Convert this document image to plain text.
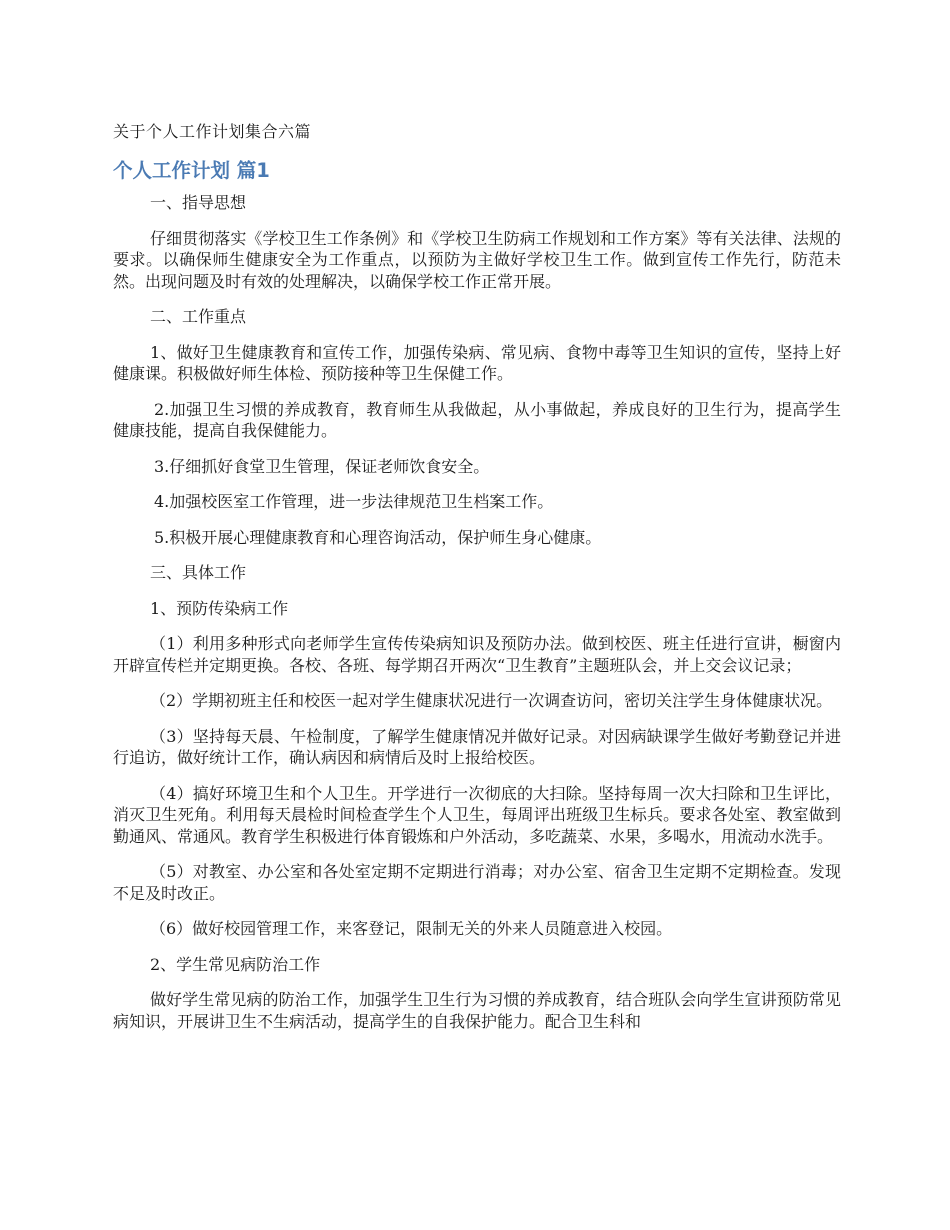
关于个人工作计划集合六篇
个人工作计划 篇1

一、指导思想

仔细贯彻落实《学校卫生工作条例》和《学校卫生防病工作规划和工作方案》等有关法律、法规的要求。以确保师生健康安全为工作重点，以预防为主做好学校卫生工作。做到宣传工作先行，防范未然。出现问题及时有效的处理解决，以确保学校工作正常开展。

二、工作重点

1、做好卫生健康教育和宣传工作，加强传染病、常见病、食物中毒等卫生知识的宣传，坚持上好健康课。积极做好师生体检、预防接种等卫生保健工作。

2.加强卫生习惯的养成教育，教育师生从我做起，从小事做起，养成良好的卫生行为，提高学生健康技能，提高自我保健能力。

3.仔细抓好食堂卫生管理，保证老师饮食安全。

4.加强校医室工作管理，进一步法律规范卫生档案工作。

5.积极开展心理健康教育和心理咨询活动，保护师生身心健康。

三、具体工作

1、预防传染病工作

（1）利用多种形式向老师学生宣传传染病知识及预防办法。做到校医、班主任进行宣讲，橱窗内开辟宣传栏并定期更换。各校、各班、每学期召开两次“卫生教育”主题班队会，并上交会议记录；

（2）学期初班主任和校医一起对学生健康状况进行一次调查访问，密切关注学生身体健康状况。

（3）坚持每天晨、午检制度，了解学生健康情况并做好记录。对因病缺课学生做好考勤登记并进行追访，做好统计工作，确认病因和病情后及时上报给校医。

（4）搞好环境卫生和个人卫生。开学进行一次彻底的大扫除。坚持每周一次大扫除和卫生评比，消灭卫生死角。利用每天晨检时间检查学生个人卫生，每周评出班级卫生标兵。要求各处室、教室做到勤通风、常通风。教育学生积极进行体育锻炼和户外活动，多吃蔬菜、水果，多喝水，用流动水洗手。

（5）对教室、办公室和各处室定期不定期进行消毒；对办公室、宿舍卫生定期不定期检查。发现不足及时改正。

（6）做好校园管理工作，来客登记，限制无关的外来人员随意进入校园。

2、学生常见病防治工作

做好学生常见病的防治工作，加强学生卫生行为习惯的养成教育，结合班队会向学生宣讲预防常见病知识，开展讲卫生不生病活动，提高学生的自我保护能力。配合卫生科和
